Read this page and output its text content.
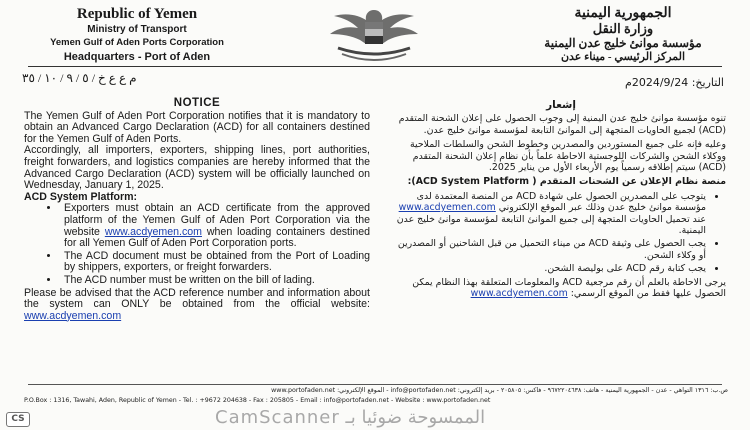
Republic of Yemen
Ministry of Transport
Yemen Gulf of Aden Ports Corporation
Headquarters - Port of Aden
الجمهورية اليمنية
وزارة النقل
مؤسسة موانئ خليج عدن اليمنية
المركز الرئيسي - ميناء عدن
م ع ع خ / ٥ / ٩ / ١٠ / ٣٥	التاريخ: 2024/9/24م
NOTICE

The Yemen Gulf of Aden Port Corporation notifies that it is mandatory to obtain an Advanced Cargo Declaration (ACD) for all containers destined for the Yemen Gulf of Aden Ports.

Accordingly, all importers, exporters, shipping lines, port authorities, freight forwarders, and logistics companies are hereby informed that the Advanced Cargo Declaration (ACD) system will be officially launched on Wednesday, January 1, 2025.

ACD System Platform:

• Exporters must obtain an ACD certificate from the approved platform of the Yemen Gulf of Aden Port Corporation via the website www.acdyemen.com when loading containers destined for all Yemen Gulf of Aden Port Corporation ports.
• The ACD document must be obtained from the Port of Loading by shippers, exporters, or freight forwarders.
• The ACD number must be written on the bill of lading.

Please be advised that the ACD reference number and information about the system can ONLY be obtained from the official website: www.acdyemen.com

إشعار

تنوه مؤسسة موانئ خليج عدن اليمنية إلى وجوب الحصول على إعلان الشحنة المتقدم (ACD) لجميع الحاويات المتجهة إلى الموانئ التابعة لمؤسسة موانئ خليج عدن.

وعليه فإنه على جميع المستوردين والمصدرين وخطوط الشحن والسلطات الملاحية ووكلاء الشحن والشركات اللوجستية الاحاطة علماً بأن نظام إعلان الشحنة المتقدم (ACD) سيتم إطلاقه رسمياً يوم الأربعاء الأول من يناير 2025.

منصة نظام الإعلان عن الشحنات المتقدم ( ACD System Platform):

• يتوجب على المصدرين الحصول على شهادة ACD من المنصة المعتمدة لدى مؤسسة موانئ خليج عدن وذلك عبر الموقع الإلكتروني www.acdyemen.com عند تحميل الحاويات المتجهة إلى جميع الموانئ التابعة لمؤسسة موانئ خليج عدن اليمنية.
• يجب الحصول على وثيقة ACD من ميناء التحميل من قبل الشاحنين أو المصدرين أو وكلاء الشحن.
• يجب كتابة رقم ACD على بوليصة الشحن.

يرجى الاحاطة بالعلم أن رقم مرجعية ACD والمعلومات المتعلقة بهذا النظام يمكن الحصول عليها فقط من الموقع الرسمي: www.acdyemen.com

ص.ب: ١٣١٦ التواهي - عدن - الجمهورية اليمنية - هاتف: ٩٦٧٢٢٠٤٦٣٨ - فاكس: ٢٠٥٨٠٥ - بريد إلكتروني: info@portofaden.net - الموقع الإلكتروني: www.portofaden.net
P.O.Box : 1316, Tawahi, Aden, Republic of Yemen - Tel. : +9672 204638 - Fax : 205805 - Email : info@portofaden.net - Website : www.portofaden.net
CS	الممسوحة ضوئيا بـ CamScanner
